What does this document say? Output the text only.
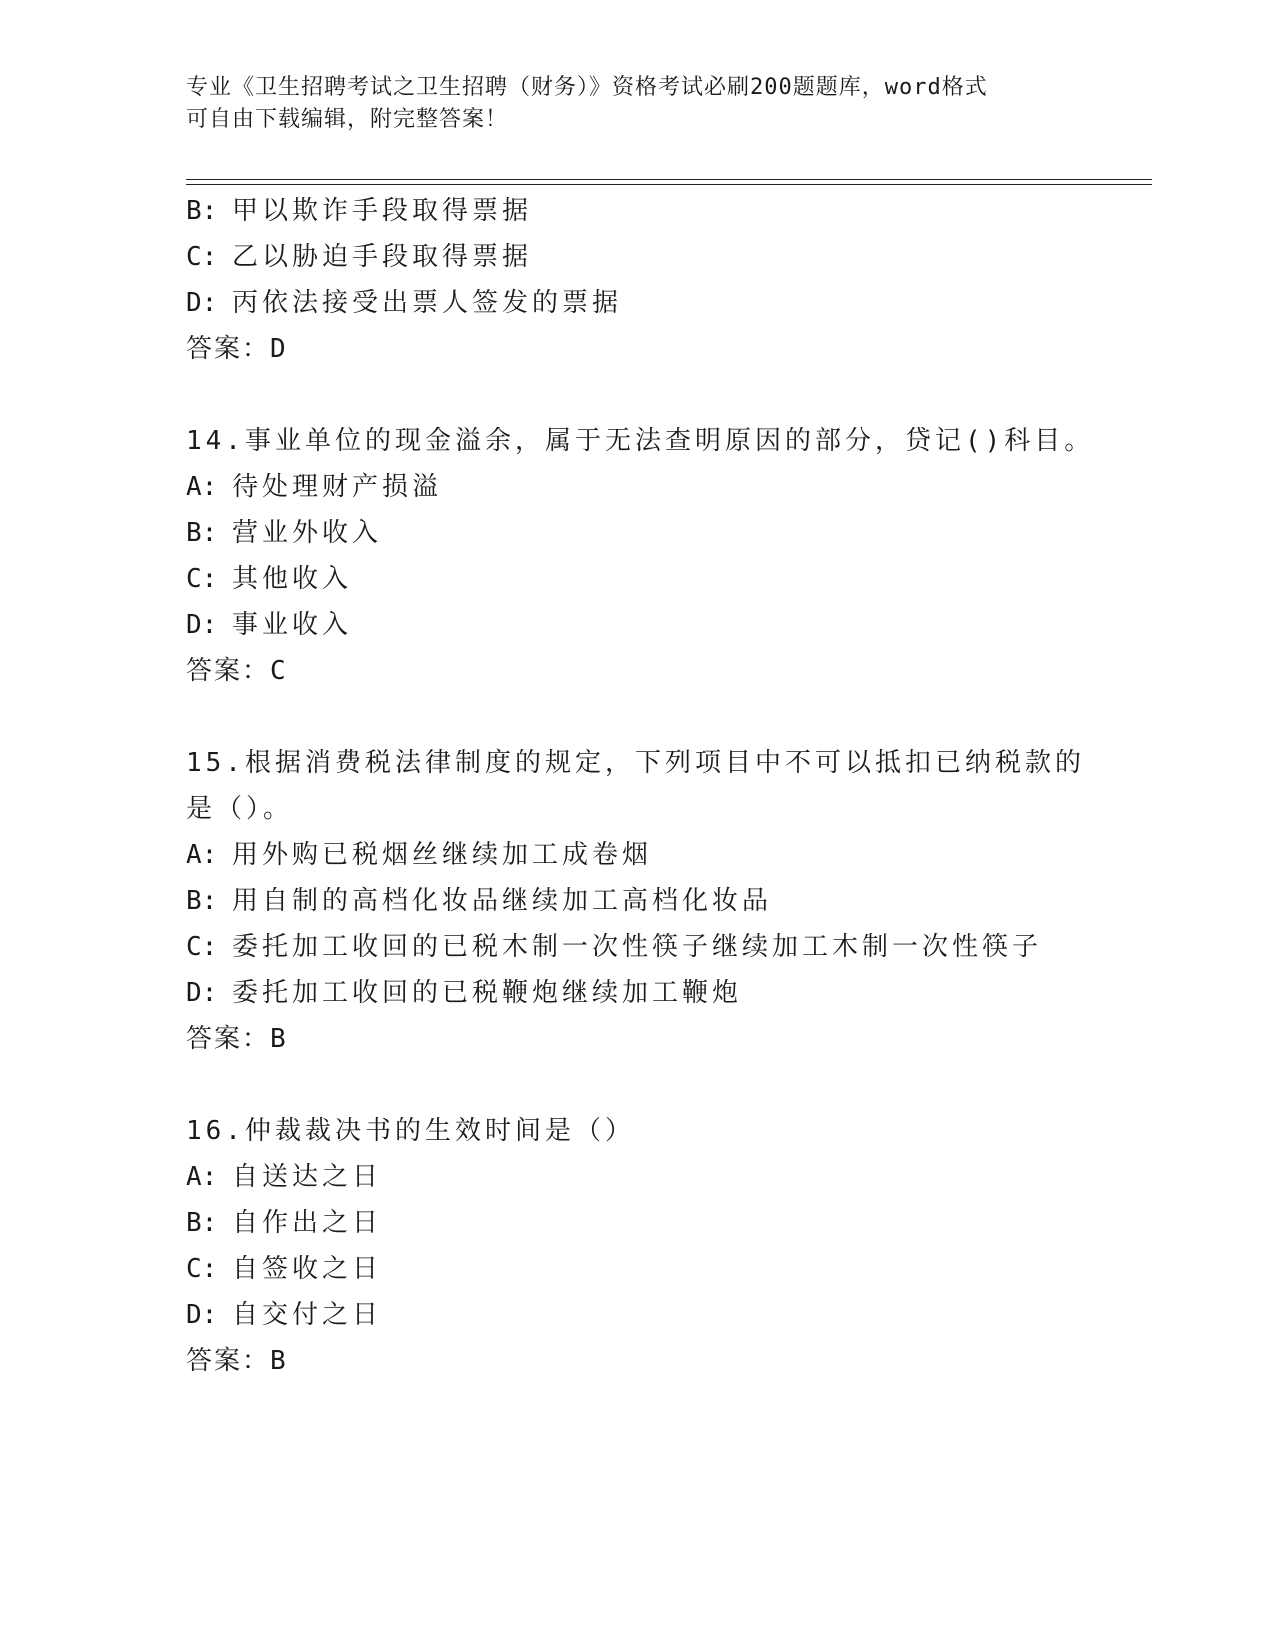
专业《卫生招聘考试之卫生招聘（财务）》资格考试必刷200题题库，word格式
可自由下载编辑，附完整答案！
B: 甲以欺诈手段取得票据
C: 乙以胁迫手段取得票据
D: 丙依法接受出票人签发的票据
答案：D
14.事业单位的现金溢余，属于无法查明原因的部分，贷记()科目。
A: 待处理财产损溢
B: 营业外收入
C: 其他收入
D: 事业收入
答案：C
15.根据消费税法律制度的规定，下列项目中不可以抵扣已纳税款的是（）。
A: 用外购已税烟丝继续加工成卷烟
B: 用自制的高档化妆品继续加工高档化妆品
C: 委托加工收回的已税木制一次性筷子继续加工木制一次性筷子
D: 委托加工收回的已税鞭炮继续加工鞭炮
答案：B
16.仲裁裁决书的生效时间是（）
A: 自送达之日
B: 自作出之日
C: 自签收之日
D: 自交付之日
答案：B
